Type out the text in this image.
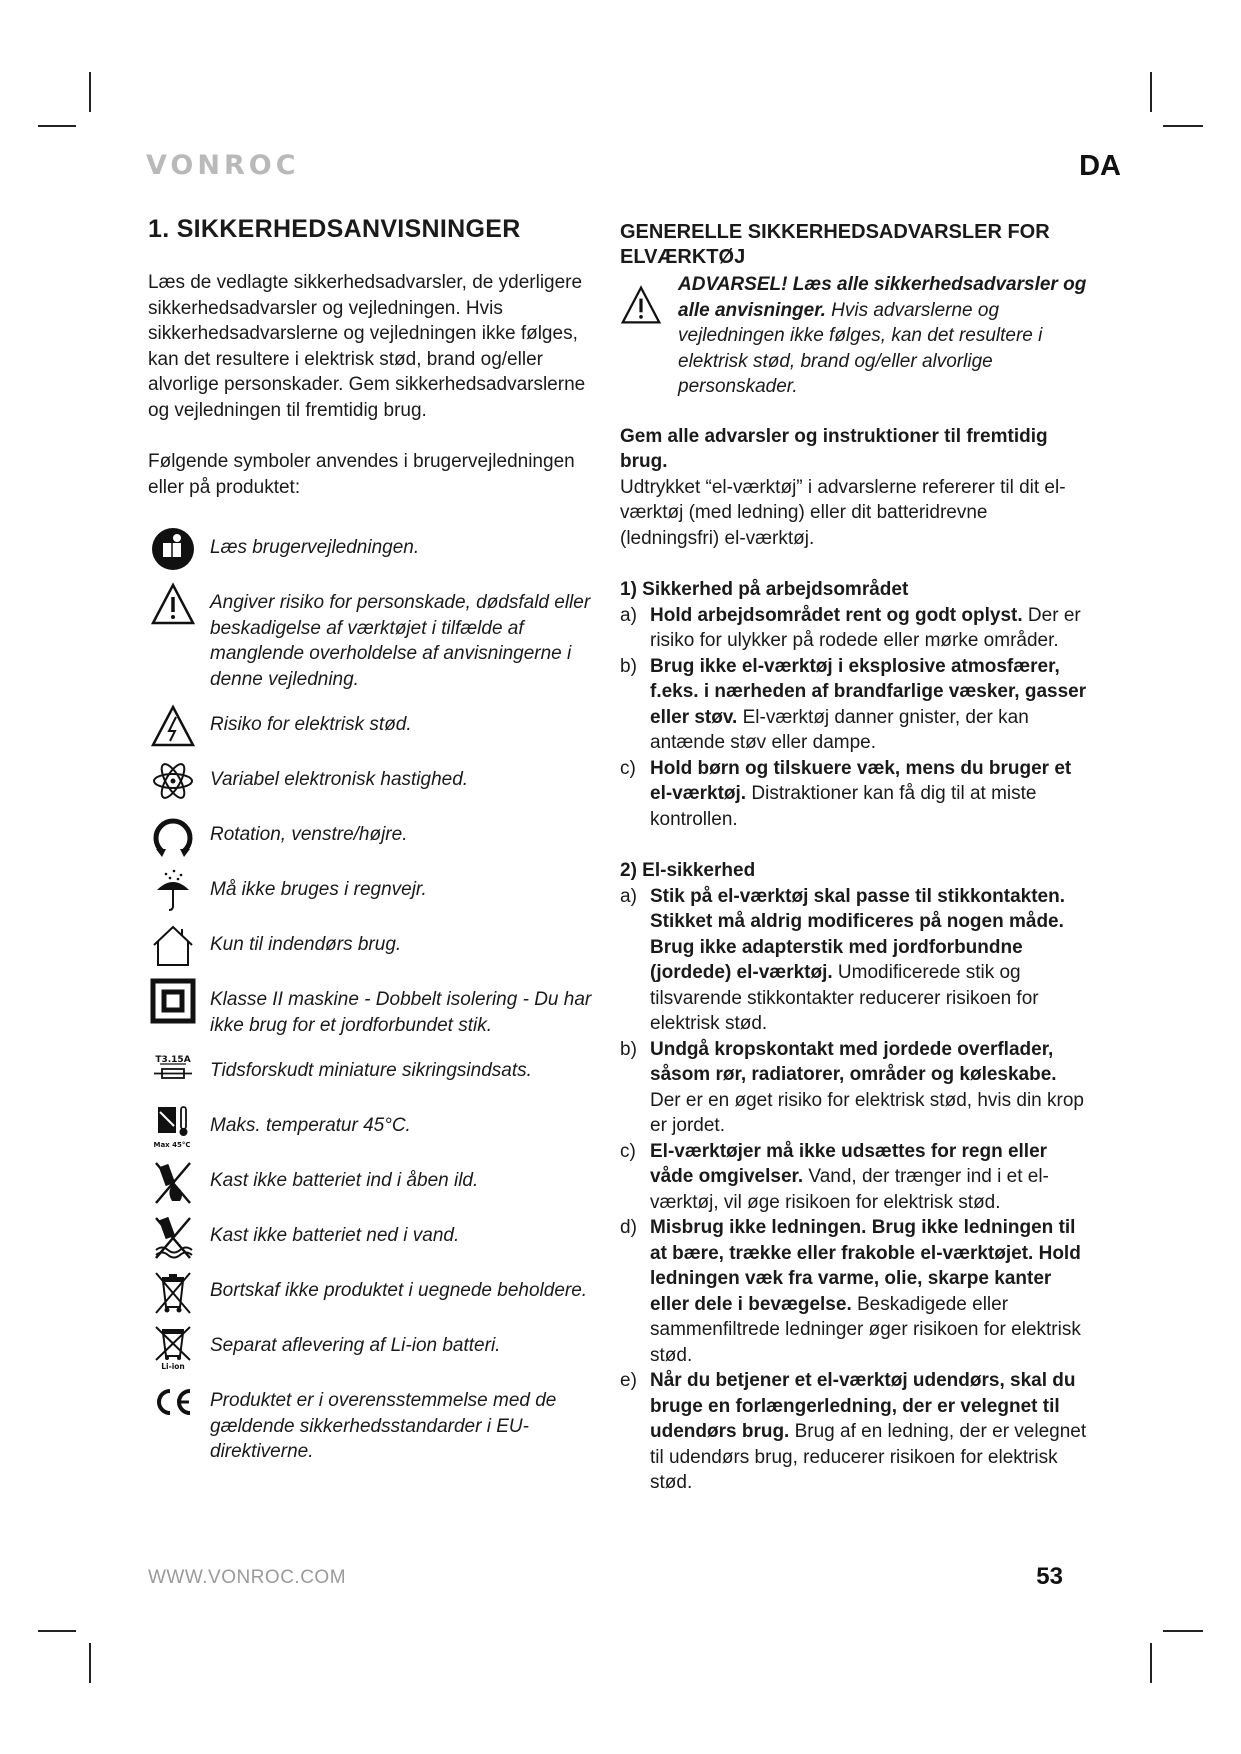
VONROC	DA
1. SIKKERHEDSANVISNINGER
Læs de vedlagte sikkerhedsadvarsler, de yderligere sikkerhedsadvarsler og vejledningen. Hvis sikkerhedsadvarslerne og vejledningen ikke følges, kan det resultere i elektrisk stød, brand og/eller alvorlige personskader. Gem sikkerhedsadvarslerne og vejledningen til fremtidig brug.
Følgende symboler anvendes i brugervejledningen eller på produktet:
Læs brugervejledningen.
Angiver risiko for personskade, dødsfald eller beskadigelse af værktøjet i tilfælde af manglende overholdelse af anvisningerne i denne vejledning.
Risiko for elektrisk stød.
Variabel elektronisk hastighed.
Rotation, venstre/højre.
Må ikke bruges i regnvejr.
Kun til indendørs brug.
Klasse II maskine - Dobbelt isolering - Du har ikke brug for et jordforbundet stik.
T3.15A Tidsforskudt miniature sikringsindsats.
Max 45°C
Maks. temperatur 45°C.
Kast ikke batteriet ind i åben ild.
Kast ikke batteriet ned i vand.
Bortskaf ikke produktet i uegnede beholdere.
Li-ion
Separat aflevering af Li-ion batteri.
Produktet er i overensstemmelse med de gældende sikkerhedsstandarder i EU-direktiverne.
GENERELLE SIKKERHEDSADVARSLER FOR ELVÆRKTØJ
ADVARSEL! Læs alle sikkerhedsadvarsler og alle anvisninger. Hvis advarslerne og vejledningen ikke følges, kan det resultere i elektrisk stød, brand og/eller alvorlige personskader.
Gem alle advarsler og instruktioner til fremtidig brug.
Udtrykket “el-værktøj” i advarslerne refererer til dit el-værktøj (med ledning) eller dit batteridrevne (ledningsfri) el-værktøj.
1) Sikkerhed på arbejdsområdet
a) Hold arbejdsområdet rent og godt oplyst. Der er risiko for ulykker på rodede eller mørke områder.
b) Brug ikke el-værktøj i eksplosive atmosfærer, f.eks. i nærheden af brandfarlige væsker, gasser eller støv. El-værktøj danner gnister, der kan antænde støv eller dampe.
c) Hold børn og tilskuere væk, mens du bruger et el-værktøj. Distraktioner kan få dig til at miste kontrollen.
2) El-sikkerhed
a) Stik på el-værktøj skal passe til stikkontakten. Stikket må aldrig modificeres på nogen måde. Brug ikke adapterstik med jordforbundne (jordede) el-værktøj. Umodificerede stik og tilsvarende stikkontakter reducerer risikoen for elektrisk stød.
b) Undgå kropskontakt med jordede overflader, såsom rør, radiatorer, områder og køleskabe. Der er en øget risiko for elektrisk stød, hvis din krop er jordet.
c) El-værktøjer må ikke udsættes for regn eller våde omgivelser. Vand, der trænger ind i et el-værktøj, vil øge risikoen for elektrisk stød.
d) Misbrug ikke ledningen. Brug ikke ledningen til at bære, trække eller frakoble el-værktøjet. Hold ledningen væk fra varme, olie, skarpe kanter eller dele i bevægelse. Beskadigede eller sammenfiltrede ledninger øger risikoen for elektrisk stød.
e) Når du betjener et el-værktøj udendørs, skal du bruge en forlængerledning, der er velegnet til udendørs brug. Brug af en ledning, der er velegnet til udendørs brug, reducerer risikoen for elektrisk stød.
WWW.VONROC.COM	53
